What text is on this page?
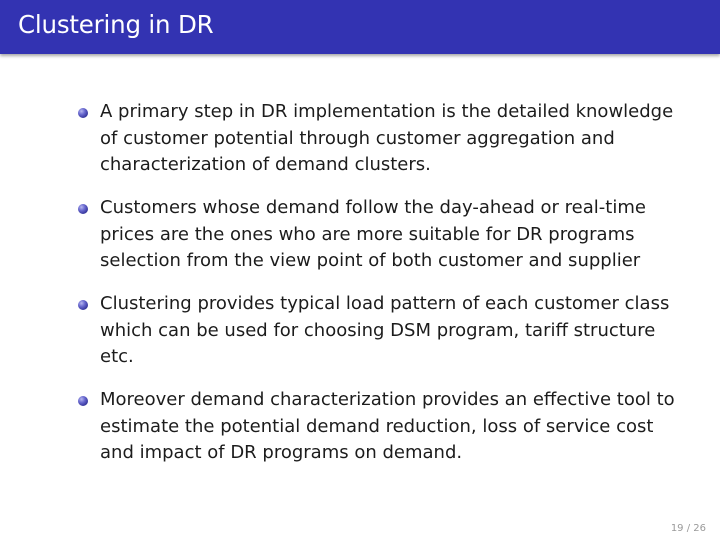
Clustering in DR
A primary step in DR implementation is the detailed knowledge of customer potential through customer aggregation and characterization of demand clusters.
Customers whose demand follow the day-ahead or real-time prices are the ones who are more suitable for DR programs selection from the view point of both customer and supplier
Clustering provides typical load pattern of each customer class which can be used for choosing DSM program, tariff structure etc.
Moreover demand characterization provides an effective tool to estimate the potential demand reduction, loss of service cost and impact of DR programs on demand.
19 / 26
